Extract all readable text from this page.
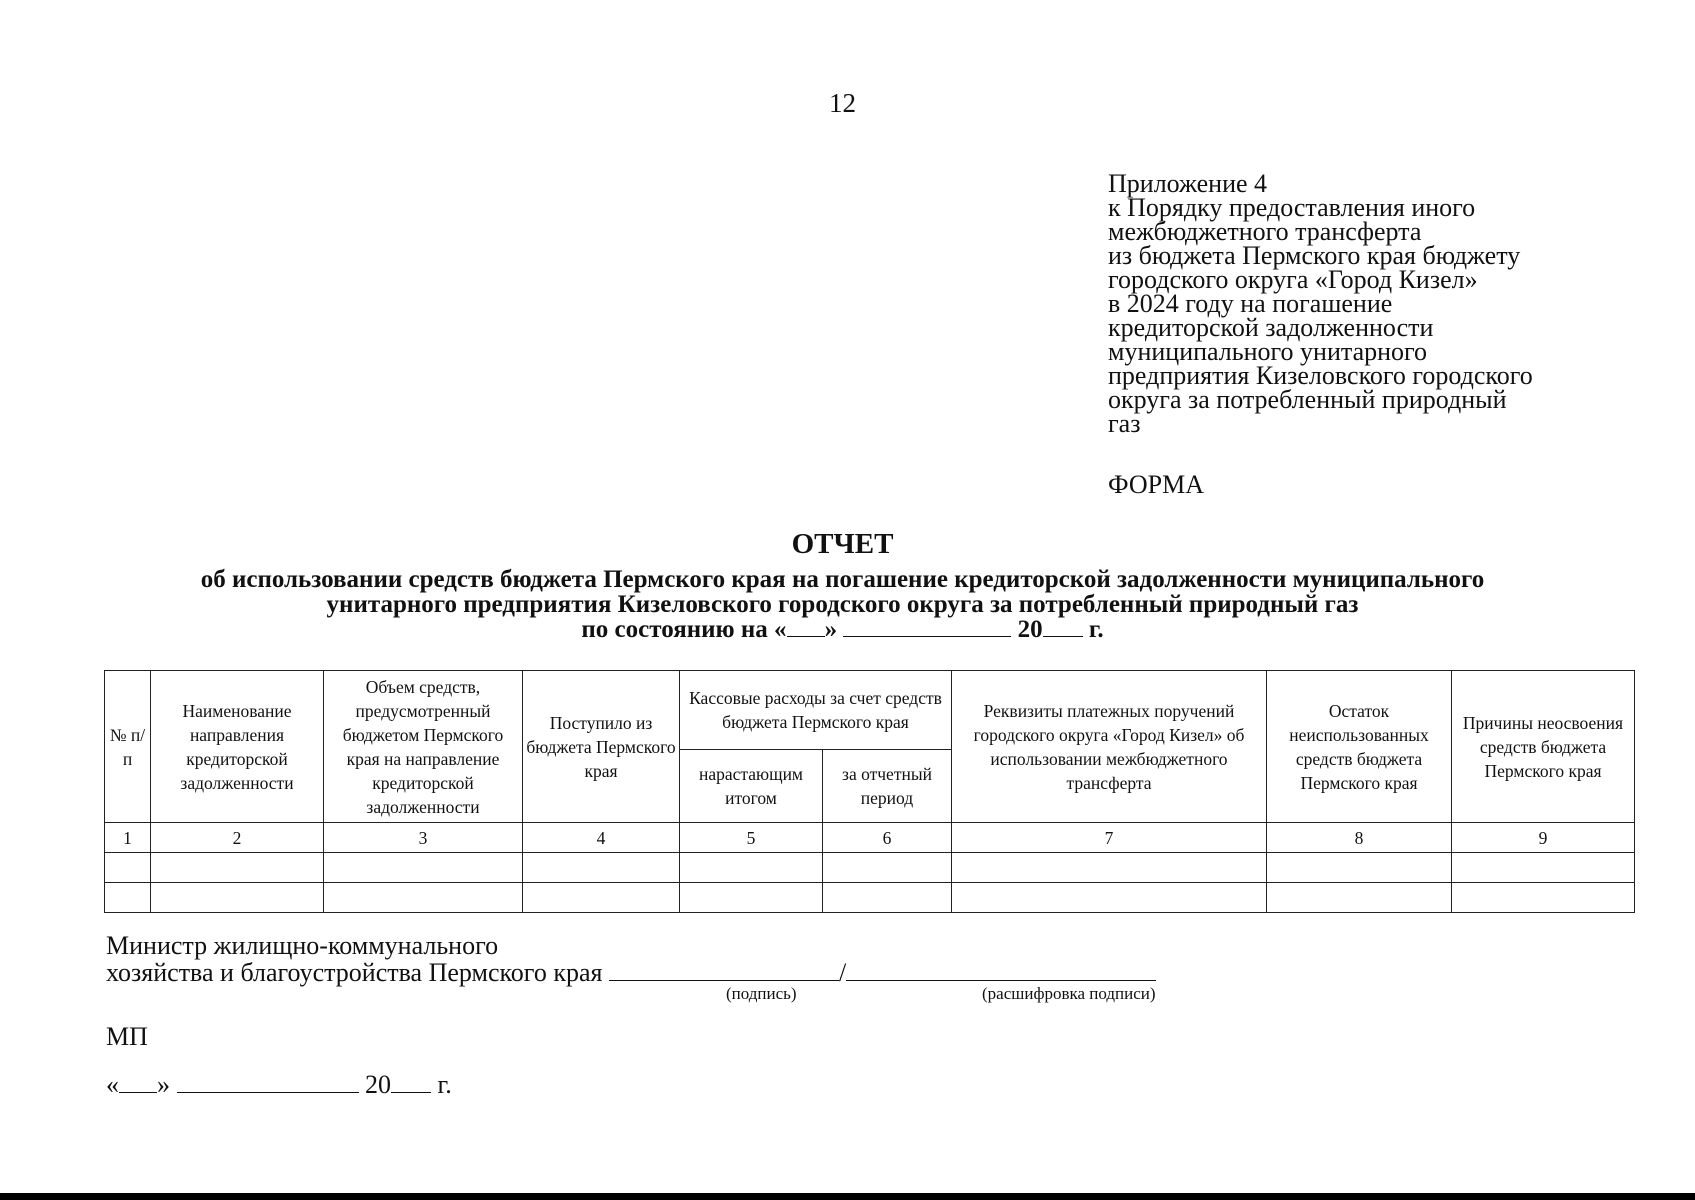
12
Приложение 4
к Порядку предоставления иного
межбюджетного трансферта
из бюджета Пермского края бюджету
городского округа «Город Кизел»
в 2024 году на погашение
кредиторской задолженности
муниципального унитарного
предприятия Кизеловского городского
округа за потребленный природный
газ
ФОРМА
ОТЧЕТ
об использовании средств бюджета Пермского края на погашение кредиторской задолженности муниципального
унитарного предприятия Кизеловского городского округа за потребленный природный газ
по состоянию на « »	20 г.
№ п/п	Наименование направления кредиторской задолженности	Объем средств, предусмотренный бюджетом Пермского края на направление кредиторской задолженности	Поступило из бюджета Пермского края	Кассовые расходы за счет средств бюджета Пермского края		Реквизиты платежных поручений городского округа «Город Кизел» об использовании межбюджетного трансферта	Остаток неиспользованных средств бюджета Пермского края	Причины неосвоения средств бюджета Пермского края
				нарастающим итогом	за отчетный период			
1	2	3	4	5	6	7	8	9

Министр жилищно-коммунального
хозяйства и благоустройства Пермского края	/
(подпись)	(расшифровка подписи)
МП
« »	20 г.
